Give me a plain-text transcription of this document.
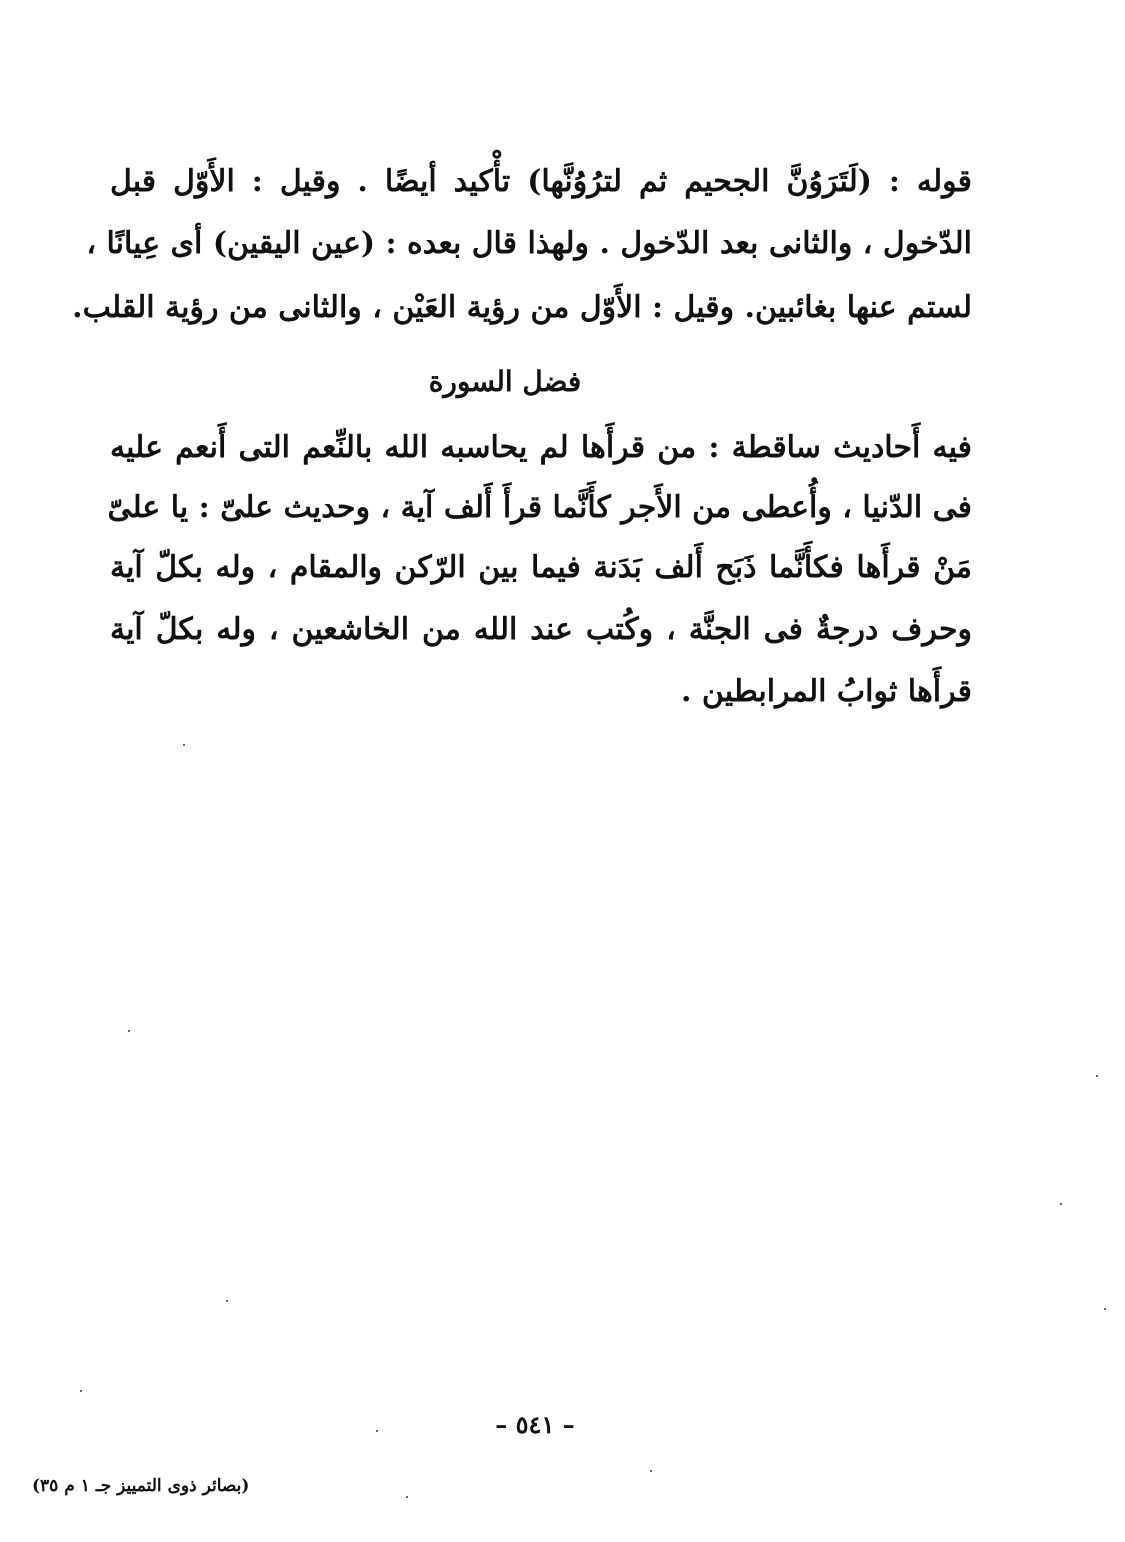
قوله : (لَتَرَوُنَّ الجحيم ثم لترُوُنَّها) تأْكيد أيضًا . وقيل : الأَوّل قبل
الدّخول ، والثانى بعد الدّخول . ولهذا قال بعده : (عين اليقين) أى عِيانًا ،
لستم عنها بغائبين. وقيل : الأَوّل من رؤية العَيْن ، والثانى من رؤية القلب.
فضل السورة
فيه أَحاديث ساقطة : من قرأَها لم يحاسبه الله بالنِّعم التى أَنعم عليه
فى الدّنيا ، وأُعطى من الأَجر كأَنَّما قرأَ أَلف آية ، وحديث علىّ : يا علىّ
مَنْ قرأَها فكأَنَّما ذَبَح أَلف بَدَنة فيما بين الرّكن والمقام ، وله بكلّ آية
وحرف درجةٌ فى الجنَّة ، وكُتب عند الله من الخاشعين ، وله بكلّ آية
قرأَها ثوابُ المرابطين .
– ٥٤١ –
(بصائر ذوى التمييز جـ ١ م ٣٥)
